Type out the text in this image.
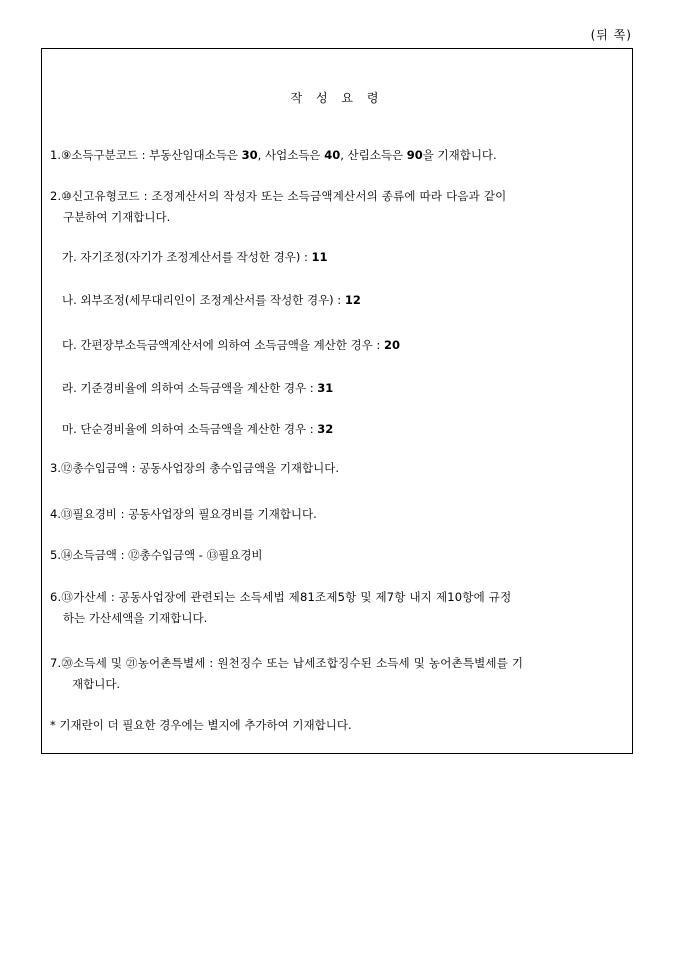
(뒤 쪽)
작 성 요 령
1.⑨소득구분코드 : 부동산임대소득은 30, 사업소득은 40, 산림소득은 90을 기재합니다.
2.⑩신고유형코드 : 조정계산서의 작성자 또는 소득금액계산서의 종류에 따라 다음과 같이
구분하여 기재합니다.
가. 자기조정(자기가 조정계산서를 작성한 경우) : 11
나. 외부조정(세무대리인이 조정계산서를 작성한 경우) : 12
다. 간편장부소득금액계산서에 의하여 소득금액을 계산한 경우 : 20
라. 기준경비율에 의하여 소득금액을 계산한 경우 : 31
마. 단순경비율에 의하여 소득금액을 계산한 경우 : 32
3.⑫총수입금액 : 공동사업장의 총수입금액을 기재합니다.
4.⑬필요경비 : 공동사업장의 필요경비를 기재합니다.
5.⑭소득금액 : ⑫총수입금액 - ⑬필요경비
6.⑬가산세 : 공동사업장에 관련되는 소득세법 제81조제5항 및 제7항 내지 제10항에 규정
하는 가산세액을 기재합니다.
7.⑳소득세 및 ㉑농어촌특별세 : 원천징수 또는 납세조합징수된 소득세 및 농어촌특별세를 기
재합니다.
* 기재란이 더 필요한 경우에는 별지에 추가하여 기재합니다.
